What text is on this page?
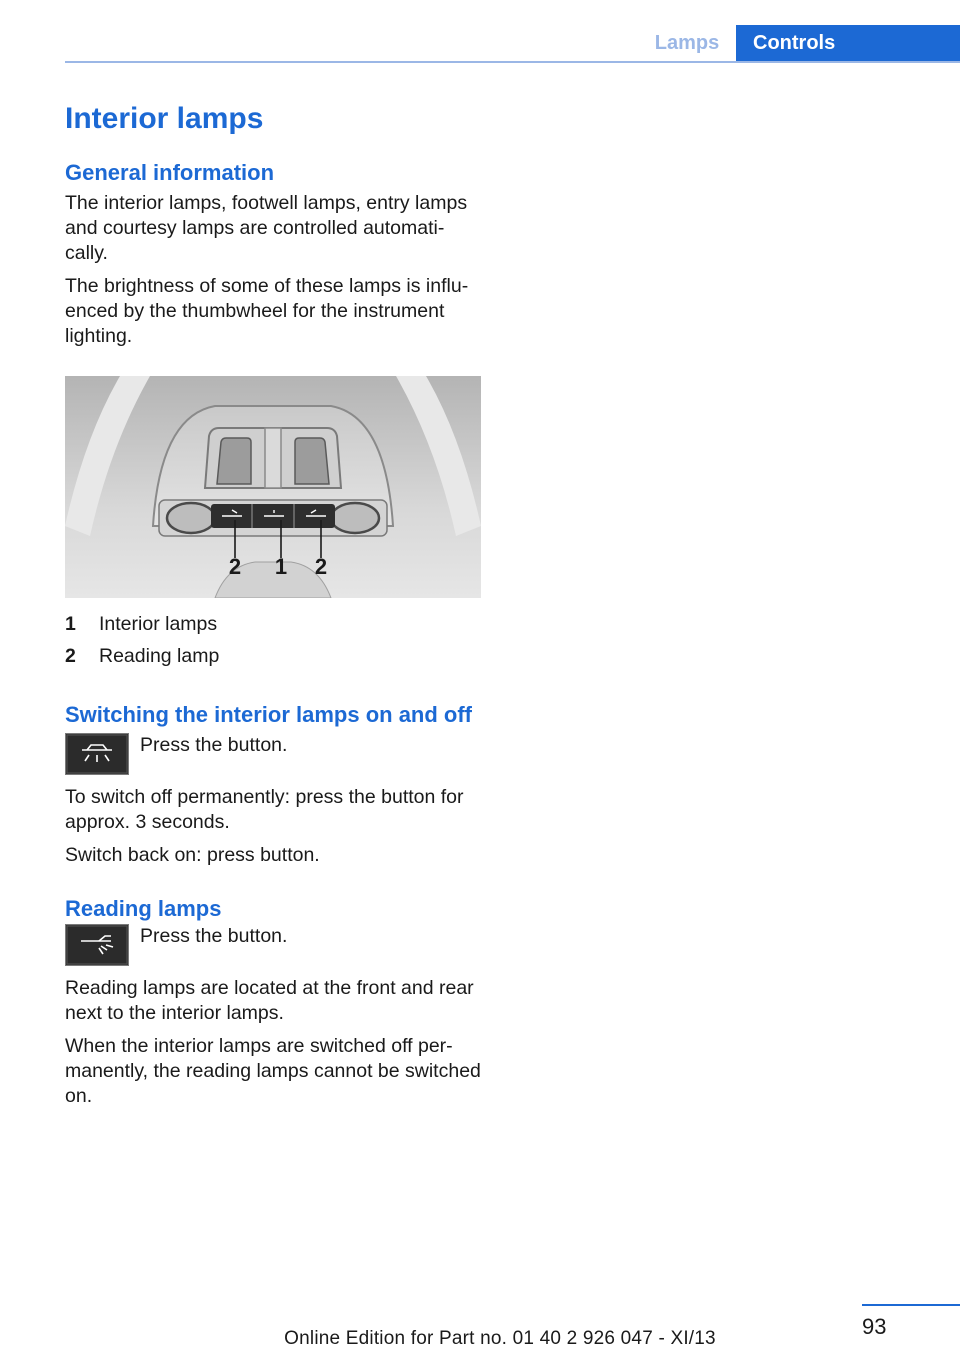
Lamps	Controls
Interior lamps
General information

The interior lamps, footwell lamps, entry lamps and courtesy lamps are controlled automati-cally.

The brightness of some of these lamps is influ-enced by the thumbwheel for the instrument lighting.

2 1 2
1	Interior lamps
2	Reading lamp
Switching the interior lamps on and off

Press the button.

To switch off permanently: press the button for approx. 3 seconds.

Switch back on: press button.

Reading lamps

Press the button.

Reading lamps are located at the front and rear next to the interior lamps.

When the interior lamps are switched off per-manently, the reading lamps cannot be switched on.

93
Online Edition for Part no. 01 40 2 926 047 - XI/13
